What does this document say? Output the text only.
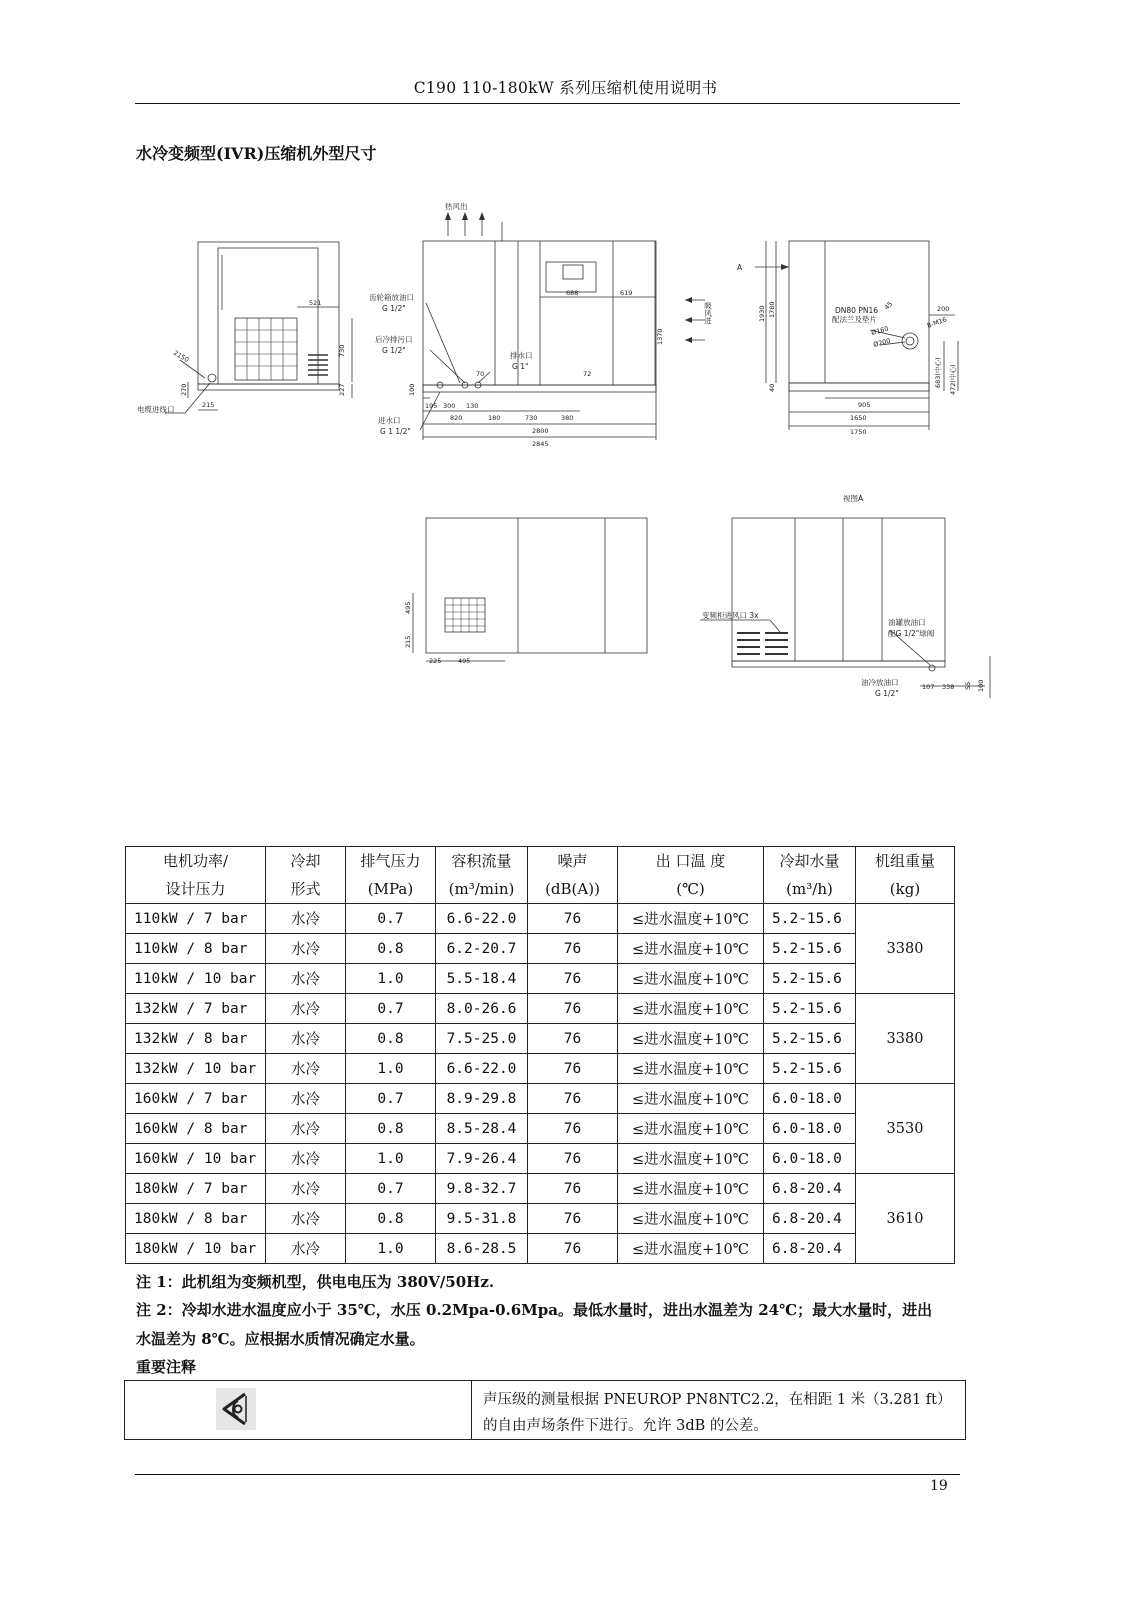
C190 110-180kW 系列压缩机使用说明书
水冷变频型(IVR)压缩机外型尺寸
热风出
电缆进线口
齿轮箱放油口
G 1/2"
后冷排污口
G 1/2"
排水口
G 1"
进水口
G 1 1/2"
吸风进	DN80 PN16
配法兰及垫片
A
视图A
变频柜进风口 3x
油罐放油口
配G 1/2"球阀
油冷放油口
G 1/2"
521
730
227
270
215
2150
688	619
1370
70	72
100
195 300 130
820	180	730	380
2800
2845
1930 1780
40
905
1650
1750
200
45
8-M16
Ø160
Ø200
683(中心) 472(中心)
495
215
225	495
107 338 55 100
电机功率/	冷却	排气压力	容积流量	噪声	出 口温 度	冷却水量	机组重量
设计压力	形式	(MPa)	(m³/min)	(dB(A))	(℃)	(m³/h)	(kg)
110kW / 7 bar	水冷	0.7	6.6-22.0	76	≤进水温度+10℃	5.2-15.6	3380
110kW / 8 bar	水冷	0.8	6.2-20.7	76	≤进水温度+10℃	5.2-15.6	
110kW / 10 bar	水冷	1.0	5.5-18.4	76	≤进水温度+10℃	5.2-15.6	
132kW / 7 bar	水冷	0.7	8.0-26.6	76	≤进水温度+10℃	5.2-15.6	3380
132kW / 8 bar	水冷	0.8	7.5-25.0	76	≤进水温度+10℃	5.2-15.6	
132kW / 10 bar	水冷	1.0	6.6-22.0	76	≤进水温度+10℃	5.2-15.6	
160kW / 7 bar	水冷	0.7	8.9-29.8	76	≤进水温度+10℃	6.0-18.0	3530
160kW / 8 bar	水冷	0.8	8.5-28.4	76	≤进水温度+10℃	6.0-18.0	
160kW / 10 bar	水冷	1.0	7.9-26.4	76	≤进水温度+10℃	6.0-18.0	
180kW / 7 bar	水冷	0.7	9.8-32.7	76	≤进水温度+10℃	6.8-20.4	3610
180kW / 8 bar	水冷	0.8	9.5-31.8	76	≤进水温度+10℃	6.8-20.4	
180kW / 10 bar	水冷	1.0	8.6-28.5	76	≤进水温度+10℃	6.8-20.4	
注 1：此机组为变频机型，供电电压为 380V/50Hz.
注 2：冷却水进水温度应小于 35℃，水压 0.2Mpa-0.6Mpa。最低水量时，进出水温差为 24℃；最大水量时，进出
水温差为 8℃。应根据水质情况确定水量。
重要注释
声压级的测量根据 PNEUROP PN8NTC2.2，在相距 1 米（3.281 ft）
的自由声场条件下进行。允许 3dB 的公差。
19
